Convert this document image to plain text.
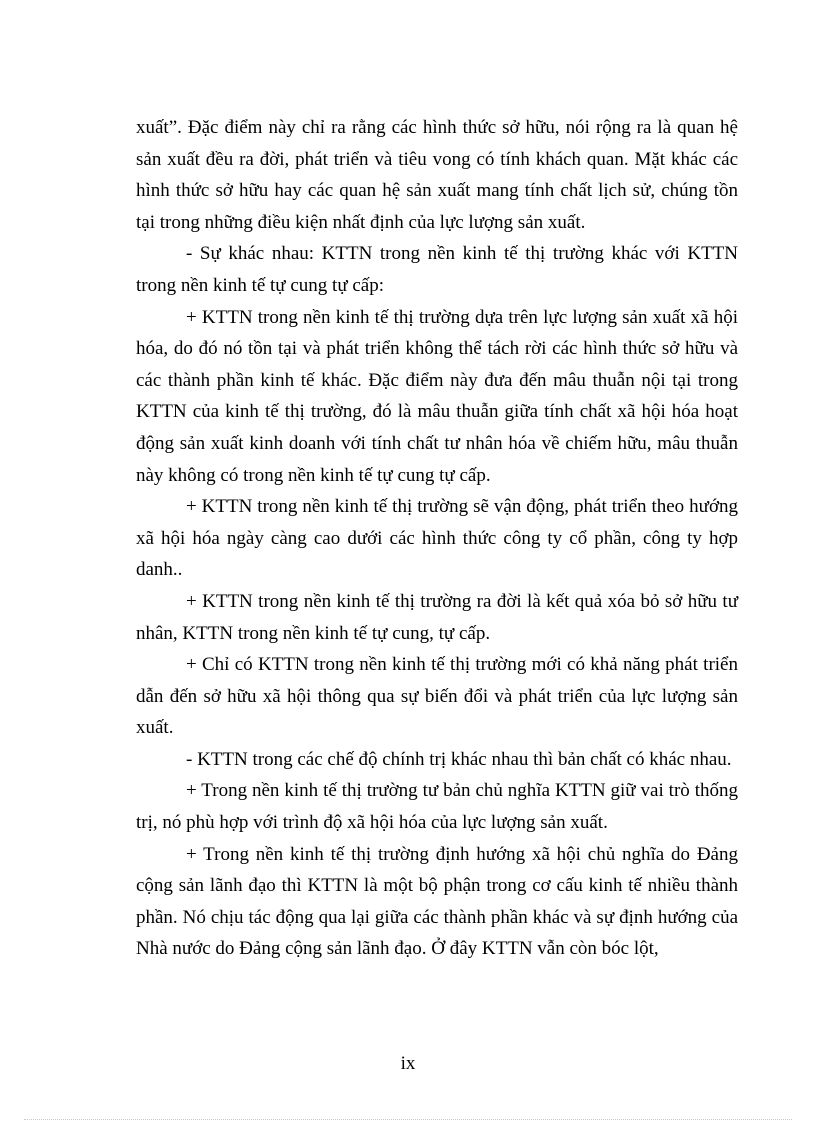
xuất”. Đặc điểm này chỉ ra rằng các hình thức sở hữu, nói rộng ra là quan hệ sản xuất đều ra đời, phát triển và tiêu vong có tính khách quan. Mặt khác các hình thức sở hữu hay các quan hệ sản xuất mang tính chất lịch sử, chúng tồn tại trong những điều kiện nhất định của lực lượng sản xuất.

- Sự khác nhau: KTTN trong nền kinh tế thị trường khác với KTTN trong nền kinh tế tự cung tự cấp:

+ KTTN trong nền kinh tế thị trường dựa trên lực lượng sản xuất xã hội hóa, do đó nó tồn tại và phát triển không thể tách rời các hình thức sở hữu và các thành phần kinh tế khác. Đặc điểm này đưa đến mâu thuẫn nội tại trong KTTN của kinh tế thị trường, đó là mâu thuẫn giữa tính chất xã hội hóa hoạt động sản xuất kinh doanh với tính chất tư nhân hóa về chiếm hữu, mâu thuẫn này không có trong nền kinh tế tự cung tự cấp.

+ KTTN trong nền kinh tế thị trường sẽ vận động, phát triển theo hướng xã hội hóa ngày càng cao dưới các hình thức công ty cổ phần, công ty hợp danh..

+ KTTN trong nền kinh tế thị trường ra đời là kết quả xóa bỏ sở hữu tư nhân, KTTN trong nền kinh tế tự cung, tự cấp.

+ Chỉ có KTTN trong nền kinh tế thị trường mới có khả năng phát triển dẫn đến sở hữu xã hội thông qua sự biến đổi và phát triển của lực lượng sản xuất.

- KTTN trong các chế độ chính trị khác nhau thì bản chất có khác nhau.

+ Trong nền kinh tế thị trường tư bản chủ nghĩa KTTN giữ vai trò thống trị, nó phù hợp với trình độ xã hội hóa của lực lượng sản xuất.

+ Trong nền kinh tế thị trường định hướng xã hội chủ nghĩa do Đảng cộng sản lãnh đạo thì KTTN là một bộ phận trong cơ cấu kinh tế nhiều thành phần. Nó chịu tác động qua lại giữa các thành phần khác và sự định hướng của Nhà nước do Đảng cộng sản lãnh đạo. Ở đây KTTN vẫn còn bóc lột,

ix
